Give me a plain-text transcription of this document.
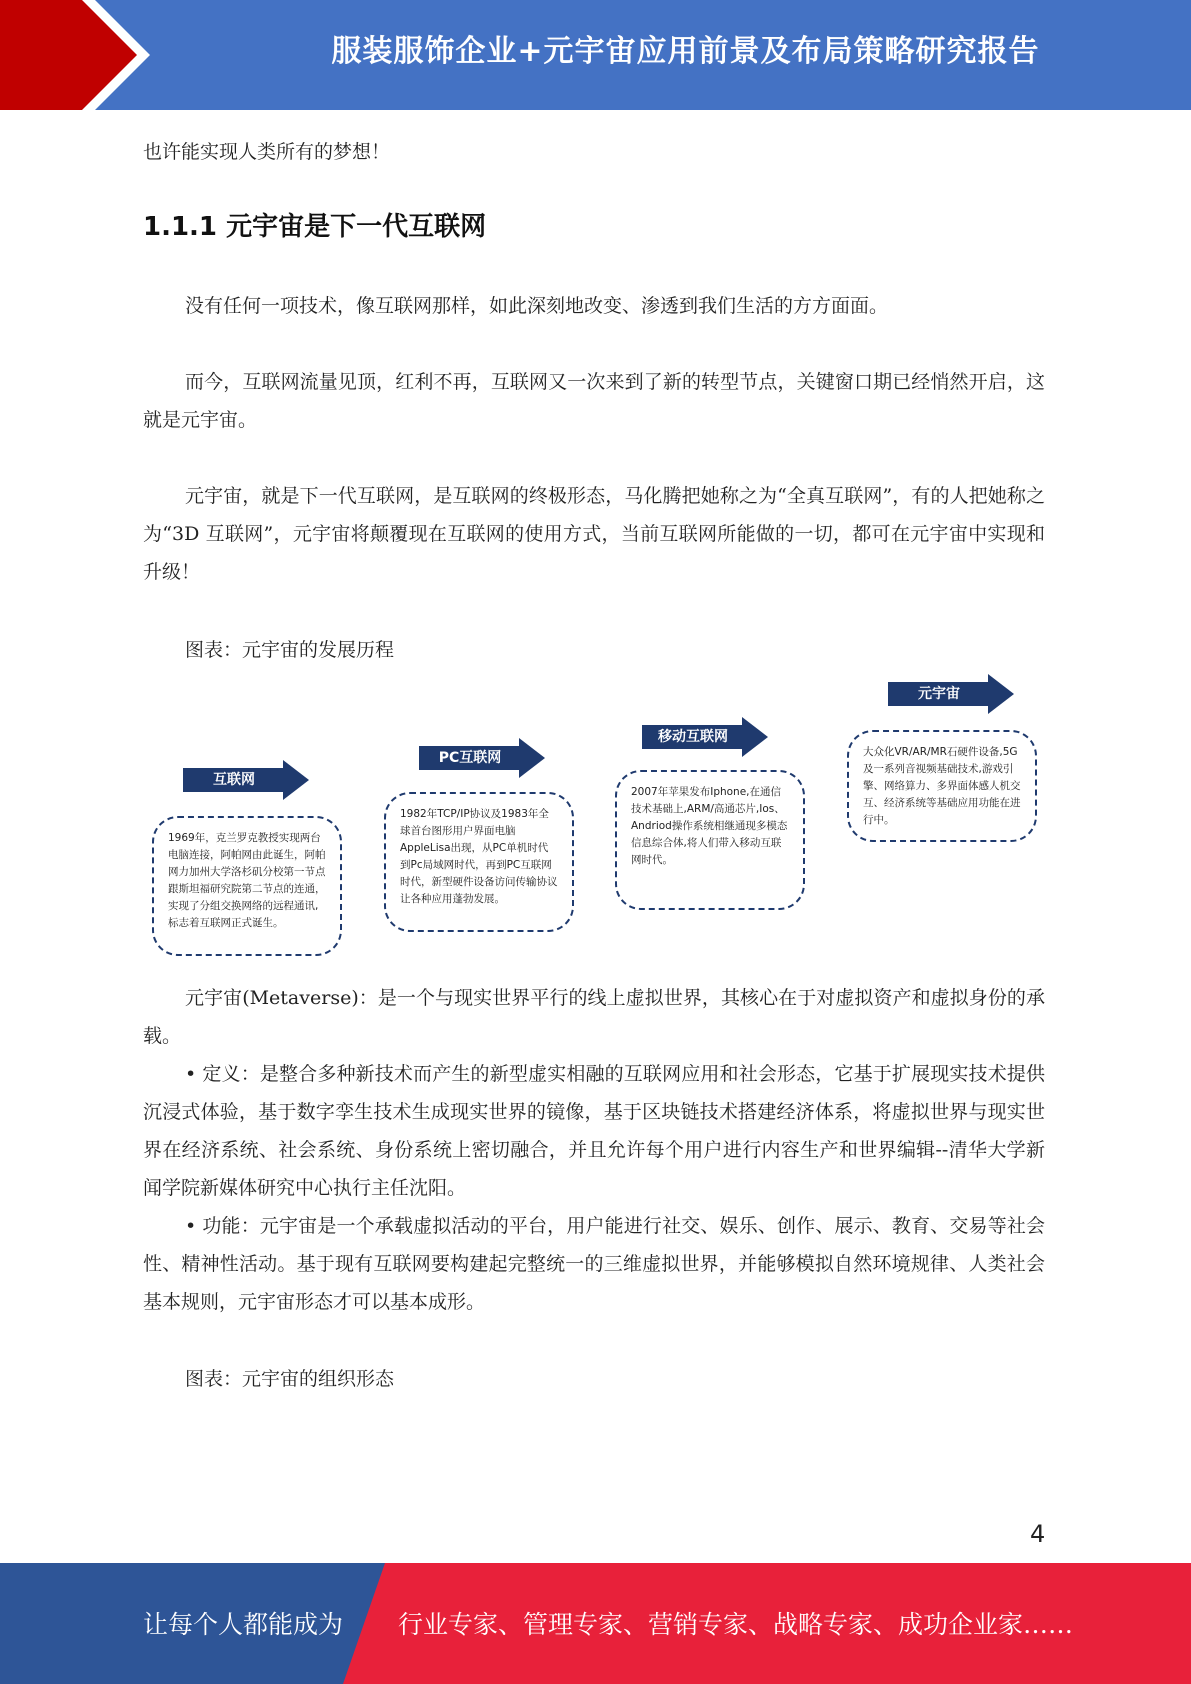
服装服饰企业+元宇宙应用前景及布局策略研究报告

也许能实现人类所有的梦想！

1.1.1 元宇宙是下一代互联网

没有任何一项技术，像互联网那样，如此深刻地改变、渗透到我们生活的方方面面。

而今，互联网流量见顶，红利不再，互联网又一次来到了新的转型节点，关键窗口期已经悄然开启，这就是元宇宙。

元宇宙，就是下一代互联网，是互联网的终极形态，马化腾把她称之为“全真互联网”，有的人把她称之为“3D 互联网”，元宇宙将颠覆现在互联网的使用方式，当前互联网所能做的一切，都可在元宇宙中实现和升级！

图表：元宇宙的发展历程
互联网
1969年，克兰罗克教授实现两台电脑连接，阿帕网由此诞生，阿帕网力加州大学洛杉矶分校第一节点跟斯坦福研究院第二节点的连通，实现了分组交换网络的远程通讯,标志着互联网正式诞生。
PC互联网
1982年TCP/IP协议及1983年全球首台图形用户界面电脑AppleLisa出现，从PC单机时代到Pc局域网时代，再到PC互联网时代，新型硬件设备访问传输协议让各种应用蓬勃发展。
移动互联网
2007年苹果发布Iphone,在通信技术基础上,ARM/高通芯片,Ios、Andriod操作系统相继通现多模态信息综合体,将人们带入移动互联网时代。
元宇宙
大众化VR/AR/MR石硬件设备,5G及一系列音视频基础技术,游戏引擎、网络算力、多界面体感人机交互、经济系统等基础应用功能在进行中。

元宇宙(Metaverse)：是一个与现实世界平行的线上虚拟世界，其核心在于对虚拟资产和虚拟身份的承载。

• 定义：是整合多种新技术而产生的新型虚实相融的互联网应用和社会形态，它基于扩展现实技术提供沉浸式体验，基于数字孪生技术生成现实世界的镜像，基于区块链技术搭建经济体系，将虚拟世界与现实世界在经济系统、社会系统、身份系统上密切融合，并且允许每个用户进行内容生产和世界编辑--清华大学新闻学院新媒体研究中心执行主任沈阳。

• 功能：元宇宙是一个承载虚拟活动的平台，用户能进行社交、娱乐、创作、展示、教育、交易等社会性、精神性活动。基于现有互联网要构建起完整统一的三维虚拟世界，并能够模拟自然环境规律、人类社会基本规则，元宇宙形态才可以基本成形。

图表：元宇宙的组织形态
4
让每个人都能成为 行业专家、管理专家、营销专家、战略专家、成功企业家……
